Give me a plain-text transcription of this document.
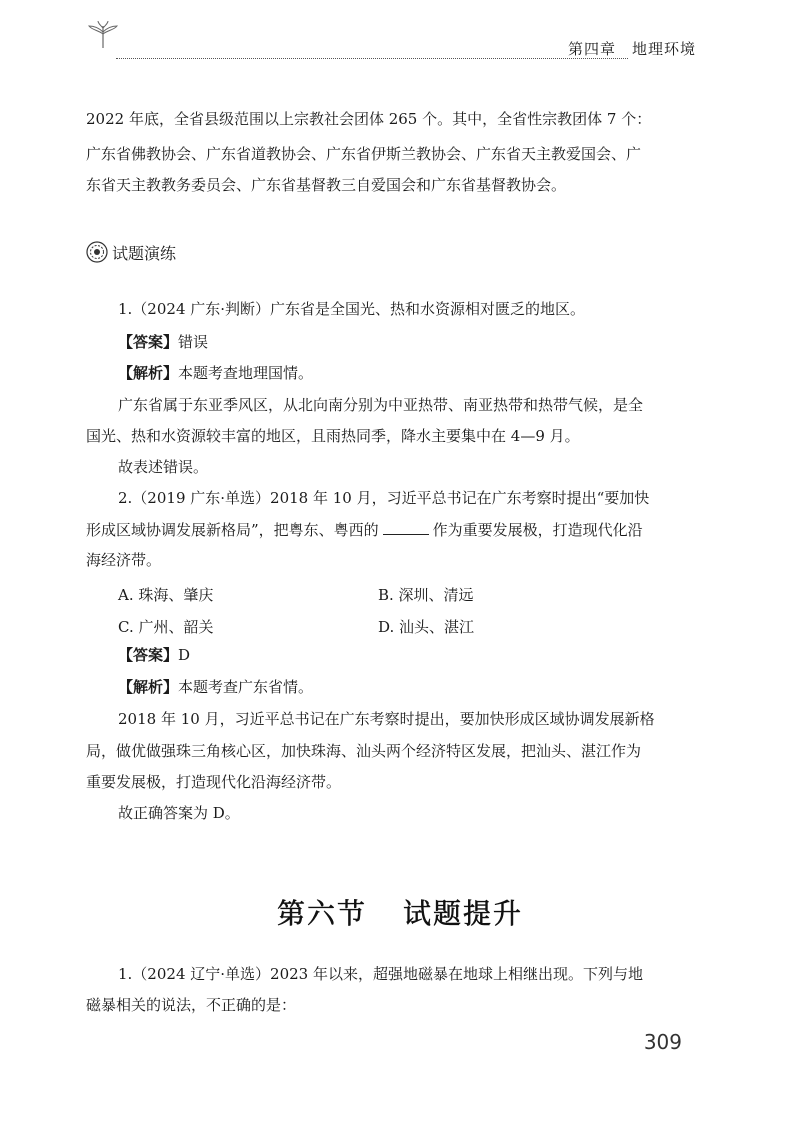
第四章 地理环境
2022 年底，全省县级范围以上宗教社会团体 265 个。其中，全省性宗教团体 7 个：
广东省佛教协会、广东省道教协会、广东省伊斯兰教协会、广东省天主教爱国会、广
东省天主教教务委员会、广东省基督教三自爱国会和广东省基督教协会。
试题演练
1.（2024 广东·判断）广东省是全国光、热和水资源相对匮乏的地区。
【答案】错误
【解析】本题考查地理国情。
广东省属于东亚季风区，从北向南分别为中亚热带、南亚热带和热带气候，是全
国光、热和水资源较丰富的地区，且雨热同季，降水主要集中在 4—9 月。
故表述错误。
2.（2019 广东·单选）2018 年 10 月，习近平总书记在广东考察时提出“要加快
形成区域协调发展新格局”，把粤东、粤西的	作为重要发展极，打造现代化沿
海经济带。
A. 珠海、肇庆	B. 深圳、清远
C. 广州、韶关	D. 汕头、湛江
【答案】D
【解析】本题考查广东省情。
2018 年 10 月，习近平总书记在广东考察时提出，要加快形成区域协调发展新格
局，做优做强珠三角核心区，加快珠海、汕头两个经济特区发展，把汕头、湛江作为
重要发展极，打造现代化沿海经济带。
故正确答案为 D。
第六节 试题提升
1.（2024 辽宁·单选）2023 年以来，超强地磁暴在地球上相继出现。下列与地
磁暴相关的说法，不正确的是：
309
